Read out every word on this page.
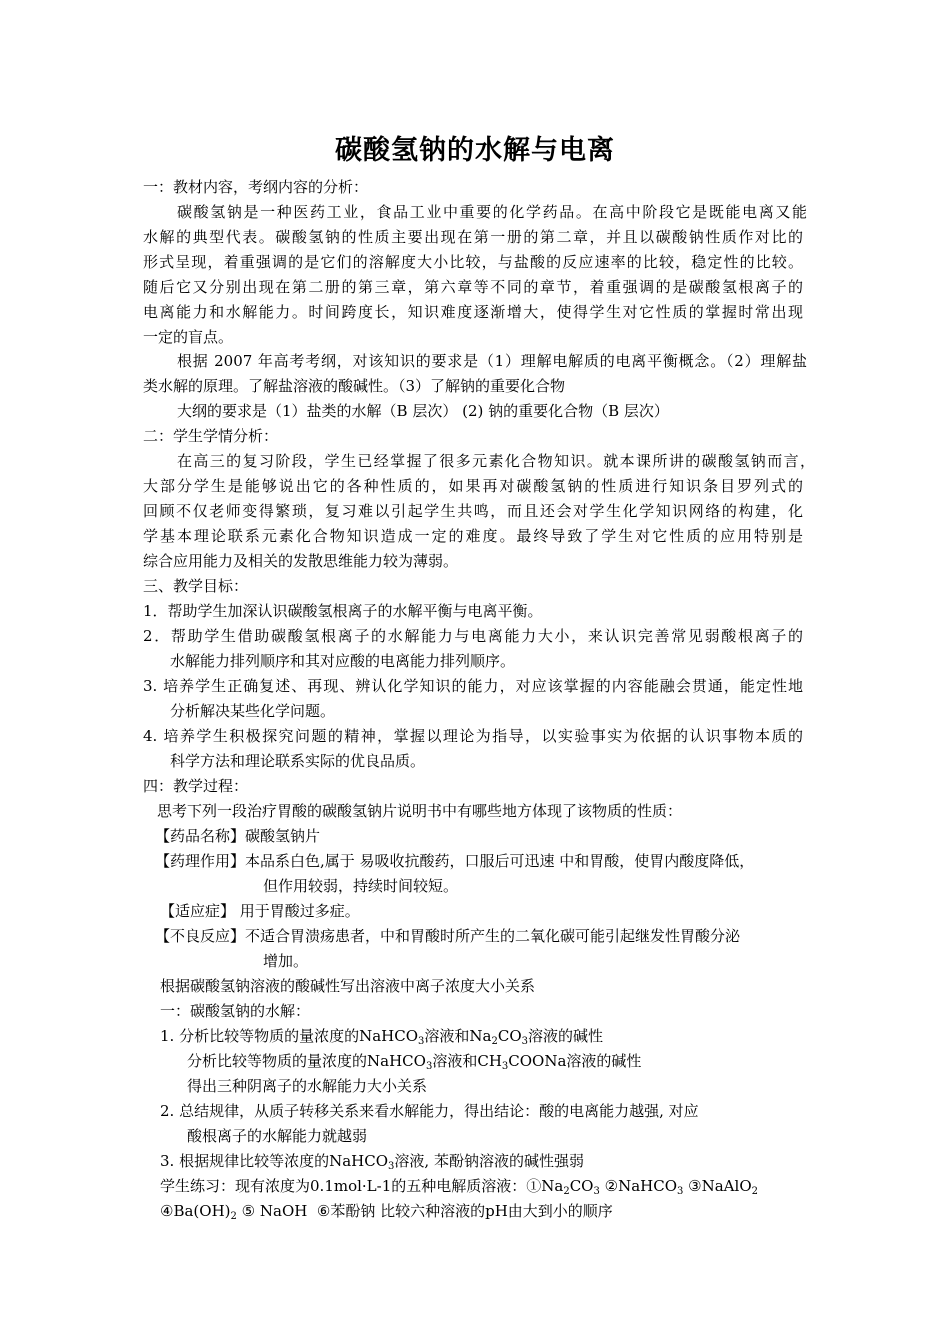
碳酸氢钠的水解与电离
一：教材内容，考纲内容的分析：
碳酸氢钠是一种医药工业，食品工业中重要的化学药品。在高中阶段它是既能电离又能
水解的典型代表。碳酸氢钠的性质主要出现在第一册的第二章，并且以碳酸钠性质作对比的
形式呈现，着重强调的是它们的溶解度大小比较，与盐酸的反应速率的比较，稳定性的比较。
随后它又分别出现在第二册的第三章，第六章等不同的章节，着重强调的是碳酸氢根离子的
电离能力和水解能力。时间跨度长，知识难度逐渐增大，使得学生对它性质的掌握时常出现
一定的盲点。
根据 2007 年高考考纲，对该知识的要求是（1）理解电解质的电离平衡概念。（2）理解盐
类水解的原理。了解盐溶液的酸碱性。（3）了解钠的重要化合物
大纲的要求是（1）盐类的水解（B 层次） (2) 钠的重要化合物（B 层次）
二：学生学情分析：
在高三的复习阶段，学生已经掌握了很多元素化合物知识。就本课所讲的碳酸氢钠而言，
大部分学生是能够说出它的各种性质的，如果再对碳酸氢钠的性质进行知识条目罗列式的
回顾不仅老师变得繁琐，复习难以引起学生共鸣，而且还会对学生化学知识网络的构建，化
学基本理论联系元素化合物知识造成一定的难度。最终导致了学生对它性质的应用特别是
综合应用能力及相关的发散思维能力较为薄弱。
三、教学目标：
1．帮助学生加深认识碳酸氢根离子的水解平衡与电离平衡。
2．帮助学生借助碳酸氢根离子的水解能力与电离能力大小，来认识完善常见弱酸根离子的
水解能力排列顺序和其对应酸的电离能力排列顺序。
3. 培养学生正确复述、再现、辨认化学知识的能力，对应该掌握的内容能融会贯通，能定性地
分析解决某些化学问题。
4. 培养学生积极探究问题的精神，掌握以理论为指导，以实验事实为依据的认识事物本质的
科学方法和理论联系实际的优良品质。
四：教学过程：
思考下列一段治疗胃酸的碳酸氢钠片说明书中有哪些地方体现了该物质的性质：
【药品名称】碳酸氢钠片
【药理作用】本品系白色,属于 易吸收抗酸药，口服后可迅速 中和胃酸，使胃内酸度降低，
但作用较弱，持续时间较短。
【适应症】 用于胃酸过多症。
【不良反应】不适合胃溃疡患者，中和胃酸时所产生的二氧化碳可能引起继发性胃酸分泌
增加。
根据碳酸氢钠溶液的酸碱性写出溶液中离子浓度大小关系
一：碳酸氢钠的水解：
1. 分析比较等物质的量浓度的NaHCO$_3$溶液和$Na_2CO_3$溶液的碱性
分析比较等物质的量浓度的NaHCO$_3$溶液和$CH_3COONa$溶液的碱性
得出三种阴离子的水解能力大小关系
2. 总结规律，从质子转移关系来看水解能力，得出结论：酸的电离能力越强, 对应
酸根离子的水解能力就越弱
3. 根据规律比较等浓度的NaHCO$_3$溶液, 苯酚钠溶液的碱性强弱
学生练习：现有浓度为0.1mol·L-1的五种电解质溶液：$①Na_2CO_3$ ②NaHCO$_3$ ③NaAlO$_2$
$④Ba(OH)_2$ ⑤ NaOH ⑥苯酚钠 比较六种溶液的pH由大到小的顺序
